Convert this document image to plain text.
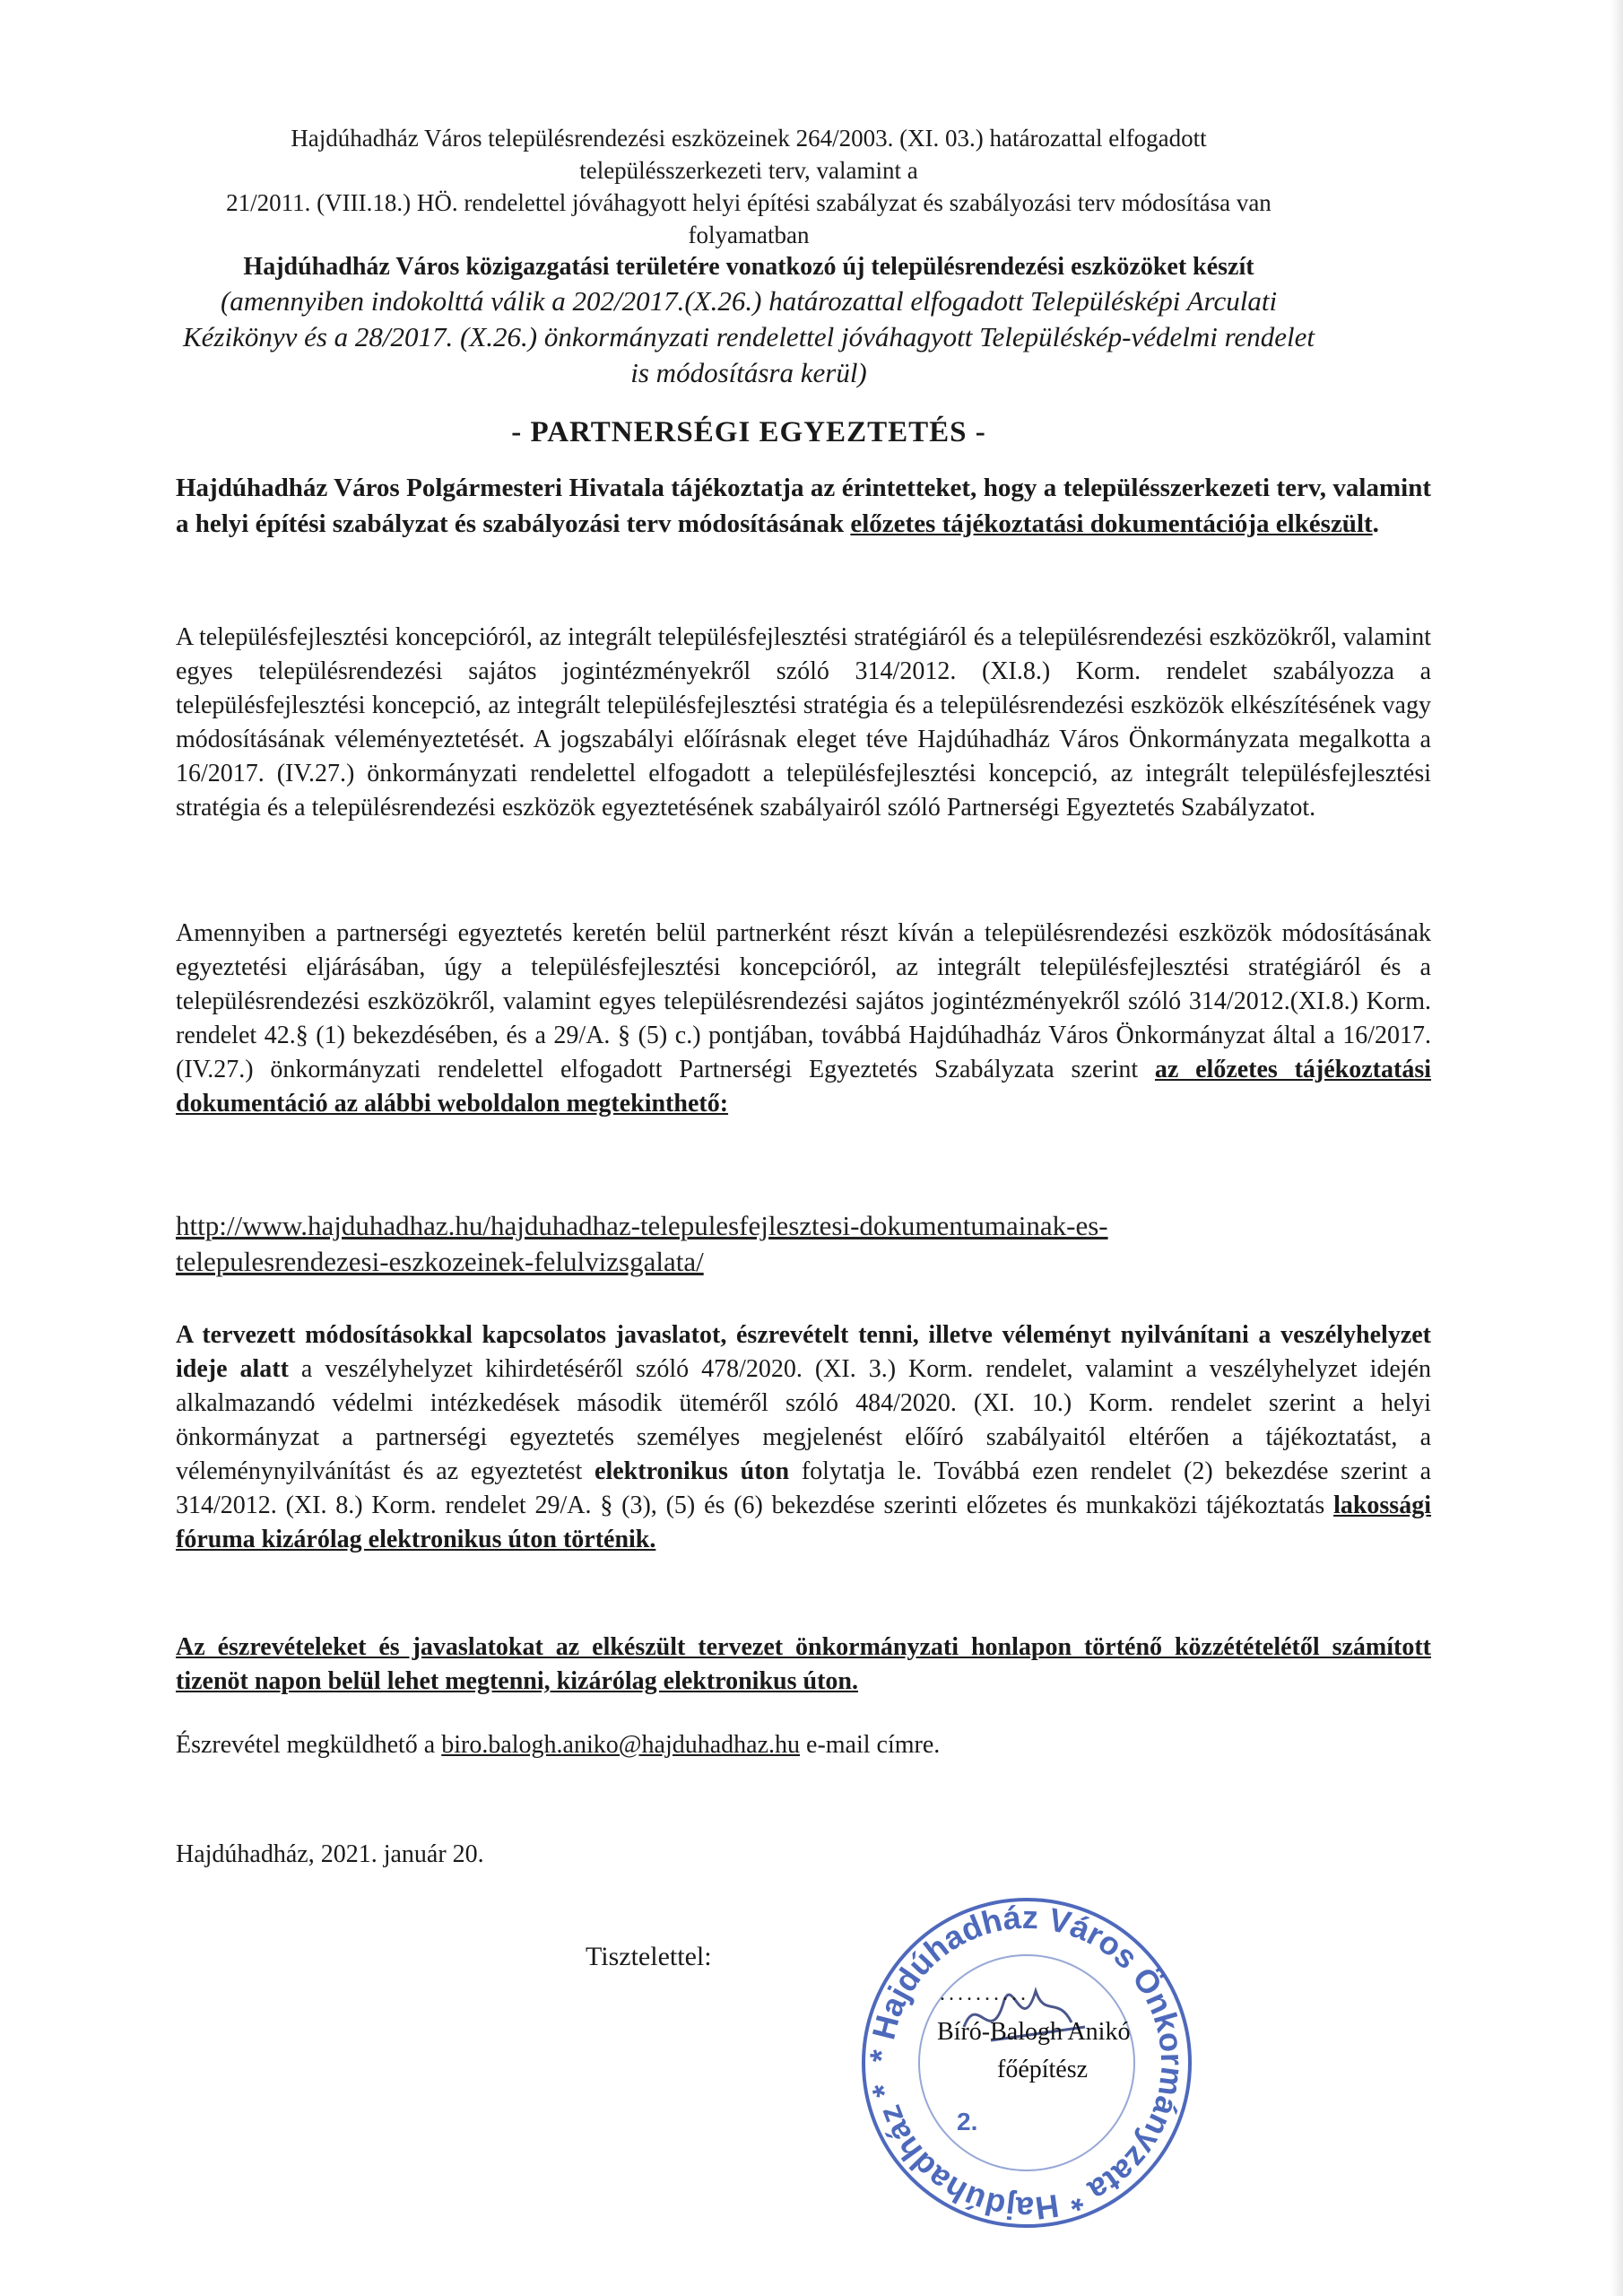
Hajdúhadház Város településrendezési eszközeinek 264/2003. (XI. 03.) határozattal elfogadott
településszerkezeti terv, valamint a
21/2011. (VIII.18.) HÖ. rendelettel jóváhagyott helyi építési szabályzat és szabályozási terv módosítása van
folyamatban
Hajdúhadház Város közigazgatási területére vonatkozó új településrendezési eszközöket készít
(amennyiben indokolttá válik a 202/2017.(X.26.) határozattal elfogadott Településképi Arculati
Kézikönyv és a 28/2017. (X.26.) önkormányzati rendelettel jóváhagyott Településkép-védelmi rendelet
is módosításra kerül)
- PARTNERSÉGI EGYEZTETÉS -
Hajdúhadház Város Polgármesteri Hivatala tájékoztatja az érintetteket, hogy a településszerkezeti terv, valamint a helyi építési szabályzat és szabályozási terv módosításának előzetes tájékoztatási dokumentációja elkészült.
A településfejlesztési koncepcióról, az integrált településfejlesztési stratégiáról és a településrendezési eszközökről, valamint egyes településrendezési sajátos jogintézményekről szóló 314/2012. (XI.8.) Korm. rendelet szabályozza a településfejlesztési koncepció, az integrált településfejlesztési stratégia és a településrendezési eszközök elkészítésének vagy módosításának véleményeztetését. A jogszabályi előírásnak eleget téve Hajdúhadház Város Önkormányzata megalkotta a 16/2017. (IV.27.) önkormányzati rendelettel elfogadott a településfejlesztési koncepció, az integrált településfejlesztési stratégia és a településrendezési eszközök egyeztetésének szabályairól szóló Partnerségi Egyeztetés Szabályzatot.
Amennyiben a partnerségi egyeztetés keretén belül partnerként részt kíván a településrendezési eszközök módosításának egyeztetési eljárásában, úgy a településfejlesztési koncepcióról, az integrált településfejlesztési stratégiáról és a településrendezési eszközökről, valamint egyes településrendezési sajátos jogintézményekről szóló 314/2012.(XI.8.) Korm. rendelet 42.§ (1) bekezdésében, és a 29/A. § (5) c.) pontjában, továbbá Hajdúhadház Város Önkormányzat által a 16/2017. (IV.27.) önkormányzati rendelettel elfogadott Partnerségi Egyeztetés Szabályzata szerint az előzetes tájékoztatási dokumentáció az alábbi weboldalon megtekinthető:
http://www.hajduhadhaz.hu/hajduhadhaz-telepulesfejlesztesi-dokumentumainak-es-
telepulesrendezesi-eszkozeinek-felulvizsgalata/
A tervezett módosításokkal kapcsolatos javaslatot, észrevételt tenni, illetve véleményt nyilvánítani a veszélyhelyzet ideje alatt a veszélyhelyzet kihirdetéséről szóló 478/2020. (XI. 3.) Korm. rendelet, valamint a veszélyhelyzet idején alkalmazandó védelmi intézkedések második üteméről szóló 484/2020. (XI. 10.) Korm. rendelet szerint a helyi önkormányzat a partnerségi egyeztetés személyes megjelenést előíró szabályaitól eltérően a tájékoztatást, a véleménynyilvánítást és az egyeztetést elektronikus úton folytatja le. Továbbá ezen rendelet (2) bekezdése szerint a 314/2012. (XI. 8.) Korm. rendelet 29/A. § (3), (5) és (6) bekezdése szerinti előzetes és munkaközi tájékoztatás lakossági fóruma kizárólag elektronikus úton történik.
Az észrevételeket és javaslatokat az elkészült tervezet önkormányzati honlapon történő közzétételétől számított tizenöt napon belül lehet megtenni, kizárólag elektronikus úton.
Észrevétel megküldhető a biro.balogh.aniko@hajduhadhaz.hu e-mail címre.
Hajdúhadház, 2021. január 20.
Tisztelettel:
* Hajdúhadház Város Önkormányzata * Hajdúhadház *
2.
..........
Bíró-Balogh Anikó
főépítész
